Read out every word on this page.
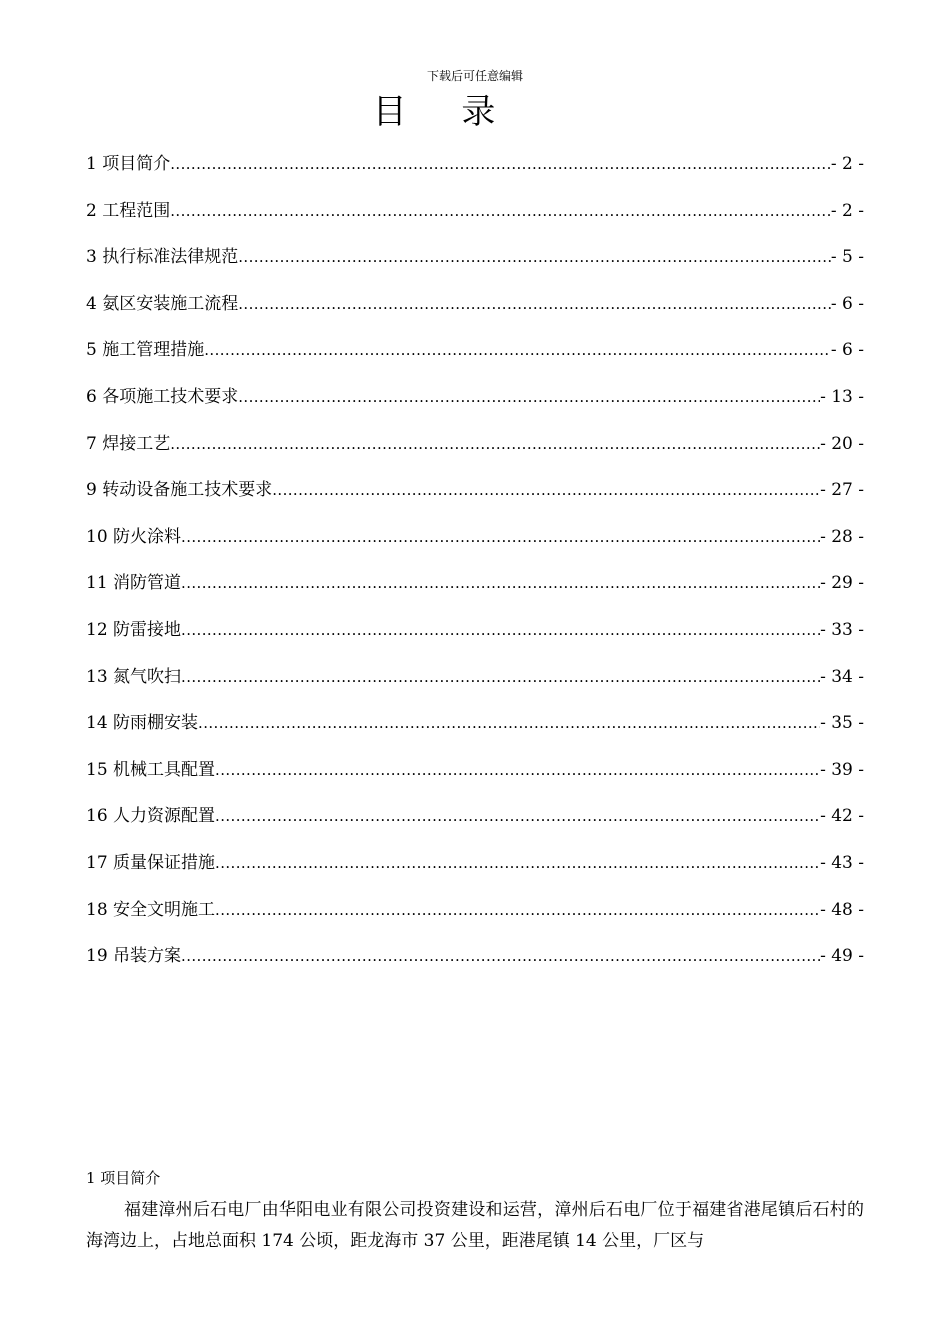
下载后可任意编辑
目 录
1 项目简介 .....	- 2 -
2 工程范围 .....	- 2 -
3 执行标准法律规范 .....	- 5 -
4 氨区安装施工流程 .....	- 6 -
5 施工管理措施 .....	- 6 -
6 各项施工技术要求 .....	- 13 -
7 焊接工艺 .....	- 20 -
9 转动设备施工技术要求 .....	- 27 -
10 防火涂料 .....	- 28 -
11 消防管道 .....	- 29 -
12 防雷接地 .....	- 33 -
13 氮气吹扫 .....	- 34 -
14 防雨棚安装 .....	- 35 -
15 机械工具配置 .....	- 39 -
16 人力资源配置 .....	- 42 -
17 质量保证措施 .....	- 43 -
18 安全文明施工 .....	- 48 -
19 吊装方案 .....	- 49 -
1 项目简介

福建漳州后石电厂由华阳电业有限公司投资建设和运营，漳州后石电厂位于福建省港尾镇后石村的海湾边上，占地总面积 174 公顷，距龙海市 37 公里，距港尾镇 14 公里，厂区与
